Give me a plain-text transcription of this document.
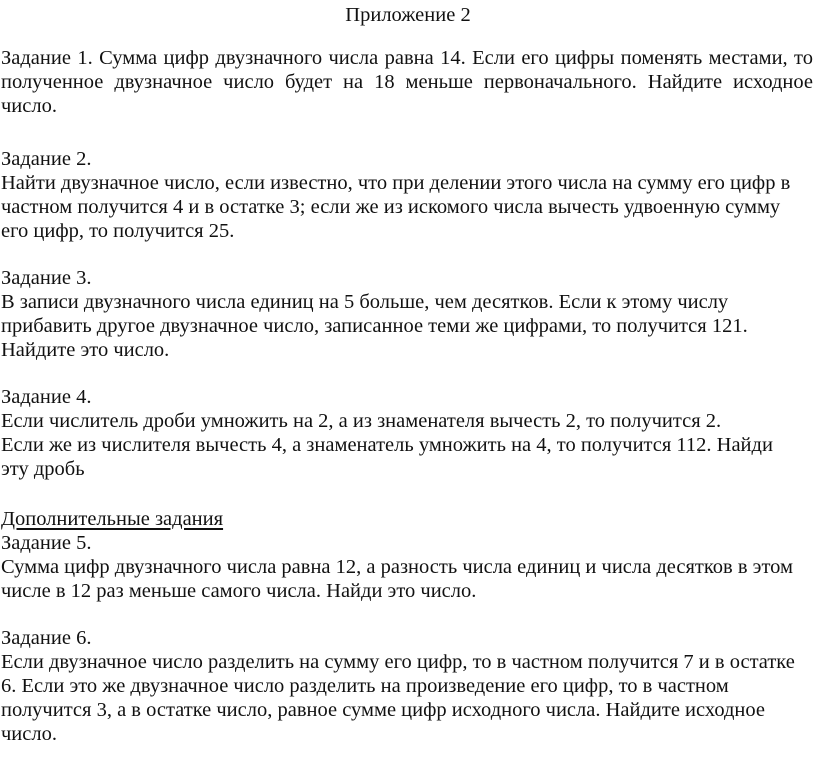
Приложение 2
Задание 1. Сумма цифр двузначного числа равна 14. Если его цифры поменять местами, то полученное двузначное число будет на 18 меньше первоначального. Найдите исходное число.
Задание 2.
Найти двузначное число, если известно, что при делении этого числа на сумму его цифр в
частном получится 4 и в остатке 3; если же из искомого числа вычесть удвоенную сумму
его цифр, то получится 25.
Задание 3.
В записи двузначного числа единиц на 5 больше, чем десятков. Если к этому числу
прибавить другое двузначное число, записанное теми же цифрами, то получится 121.
Найдите это число.
Задание 4.
Если числитель дроби умножить на 2, а из знаменателя вычесть 2, то получится 2.
Если же из числителя вычесть 4, а знаменатель умножить на 4, то получится 112. Найди
эту дробь
Дополнительные задания
Задание 5.
Сумма цифр двузначного числа равна 12, а разность числа единиц и числа десятков в этом
числе в 12 раз меньше самого числа. Найди это число.
Задание 6.
Если двузначное число разделить на сумму его цифр, то в частном получится 7 и в остатке
6. Если это же двузначное число разделить на произведение его цифр, то в частном
получится 3, а в остатке число, равное сумме цифр исходного числа. Найдите исходное
число.
